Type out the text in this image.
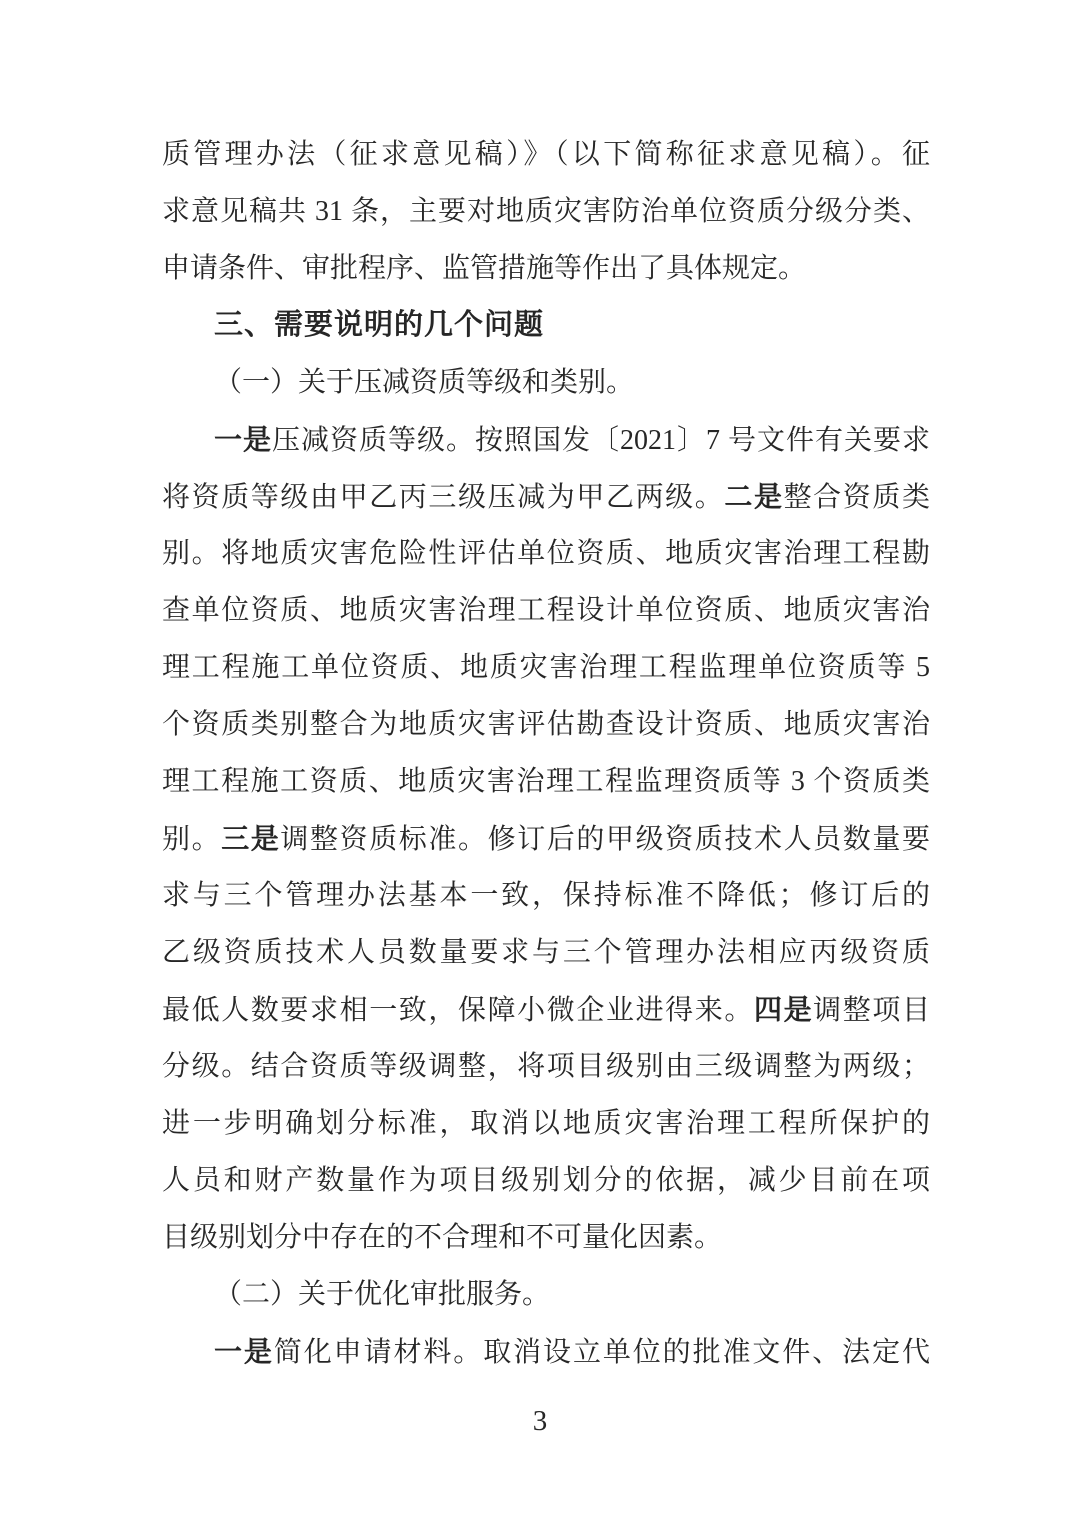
质管理办法（征求意见稿）》（以下简称征求意见稿）。征
求意见稿共 31 条，主要对地质灾害防治单位资质分级分类、
申请条件、审批程序、监管措施等作出了具体规定。
三、需要说明的几个问题
（一）关于压减资质等级和类别。
一是压减资质等级。按照国发〔2021〕7 号文件有关要求
将资质等级由甲乙丙三级压减为甲乙两级。二是整合资质类
别。将地质灾害危险性评估单位资质、地质灾害治理工程勘
查单位资质、地质灾害治理工程设计单位资质、地质灾害治
理工程施工单位资质、地质灾害治理工程监理单位资质等 5
个资质类别整合为地质灾害评估勘查设计资质、地质灾害治
理工程施工资质、地质灾害治理工程监理资质等 3 个资质类
别。三是调整资质标准。修订后的甲级资质技术人员数量要
求与三个管理办法基本一致，保持标准不降低；修订后的
乙级资质技术人员数量要求与三个管理办法相应丙级资质
最低人数要求相一致，保障小微企业进得来。四是调整项目
分级。结合资质等级调整，将项目级别由三级调整为两级；
进一步明确划分标准，取消以地质灾害治理工程所保护的
人员和财产数量作为项目级别划分的依据，减少目前在项
目级别划分中存在的不合理和不可量化因素。
（二）关于优化审批服务。
一是简化申请材料。取消设立单位的批准文件、法定代
3
